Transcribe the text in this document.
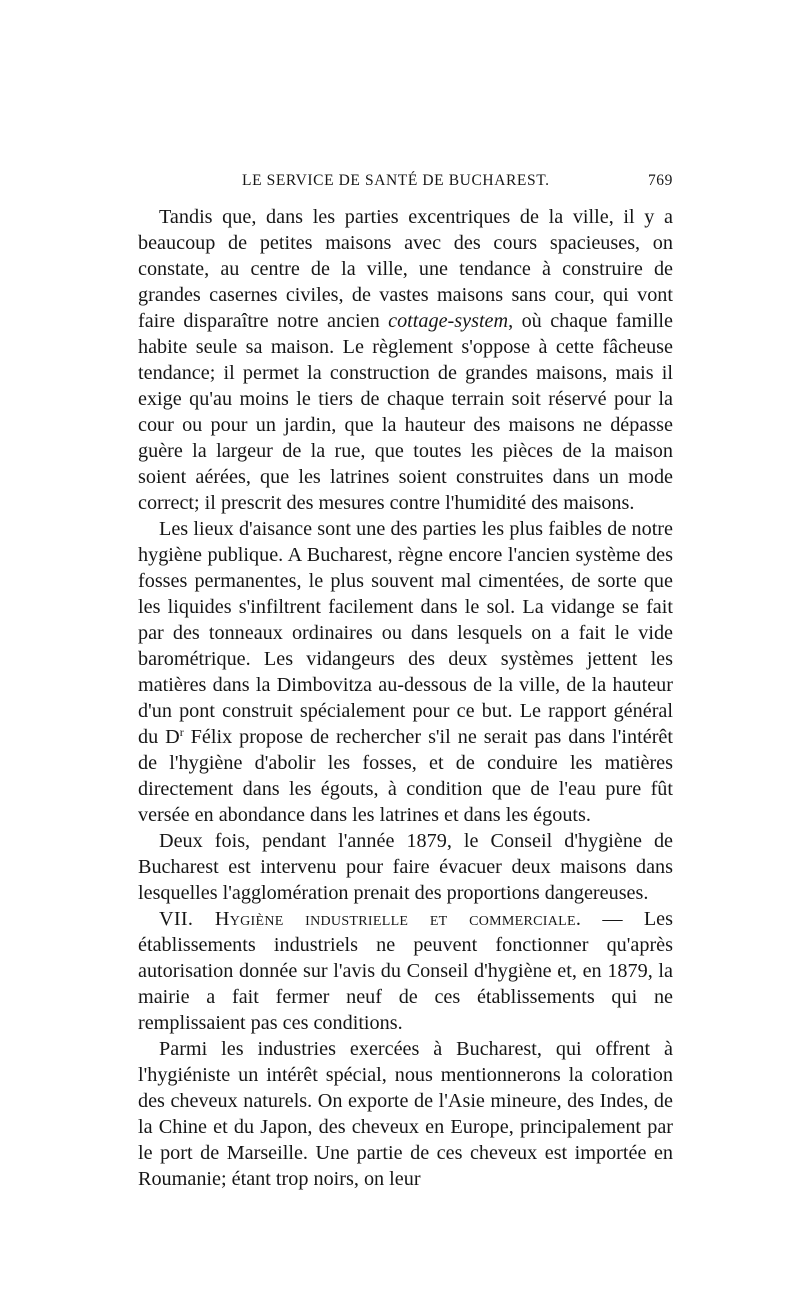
LE SERVICE DE SANTÉ DE BUCHAREST.	769

Tandis que, dans les parties excentriques de la ville, il y a beaucoup de petites maisons avec des cours spacieuses, on constate, au centre de la ville, une tendance à construire de grandes casernes civiles, de vastes maisons sans cour, qui vont faire disparaître notre ancien cottage-system, où chaque famille habite seule sa maison. Le règlement s'oppose à cette fâcheuse tendance; il permet la construction de grandes maisons, mais il exige qu'au moins le tiers de chaque terrain soit réservé pour la cour ou pour un jardin, que la hauteur des maisons ne dépasse guère la largeur de la rue, que toutes les pièces de la maison soient aérées, que les latrines soient construites dans un mode correct; il prescrit des mesures contre l'humidité des maisons.

Les lieux d'aisance sont une des parties les plus faibles de notre hygiène publique. A Bucharest, règne encore l'ancien système des fosses permanentes, le plus souvent mal cimentées, de sorte que les liquides s'infiltrent facilement dans le sol. La vidange se fait par des tonneaux ordinaires ou dans lesquels on a fait le vide barométrique. Les vidangeurs des deux systèmes jettent les matières dans la Dimbovitza au-dessous de la ville, de la hauteur d'un pont construit spécialement pour ce but. Le rapport général du $D^r$ Félix propose de rechercher s'il ne serait pas dans l'intérêt de l'hygiène d'abolir les fosses, et de conduire les matières directement dans les égouts, à condition que de l'eau pure fût versée en abondance dans les latrines et dans les égouts.

Deux fois, pendant l'année 1879, le Conseil d'hygiène de Bucharest est intervenu pour faire évacuer deux maisons dans lesquelles l'agglomération prenait des proportions dangereuses.

VII. Hygiène industrielle et commerciale. — Les établissements industriels ne peuvent fonctionner qu'après autorisation donnée sur l'avis du Conseil d'hygiène et, en 1879, la mairie a fait fermer neuf de ces établissements qui ne remplissaient pas ces conditions.

Parmi les industries exercées à Bucharest, qui offrent à l'hygiéniste un intérêt spécial, nous mentionnerons la coloration des cheveux naturels. On exporte de l'Asie mineure, des Indes, de la Chine et du Japon, des cheveux en Europe, principalement par le port de Marseille. Une partie de ces cheveux est importée en Roumanie; étant trop noirs, on leur
